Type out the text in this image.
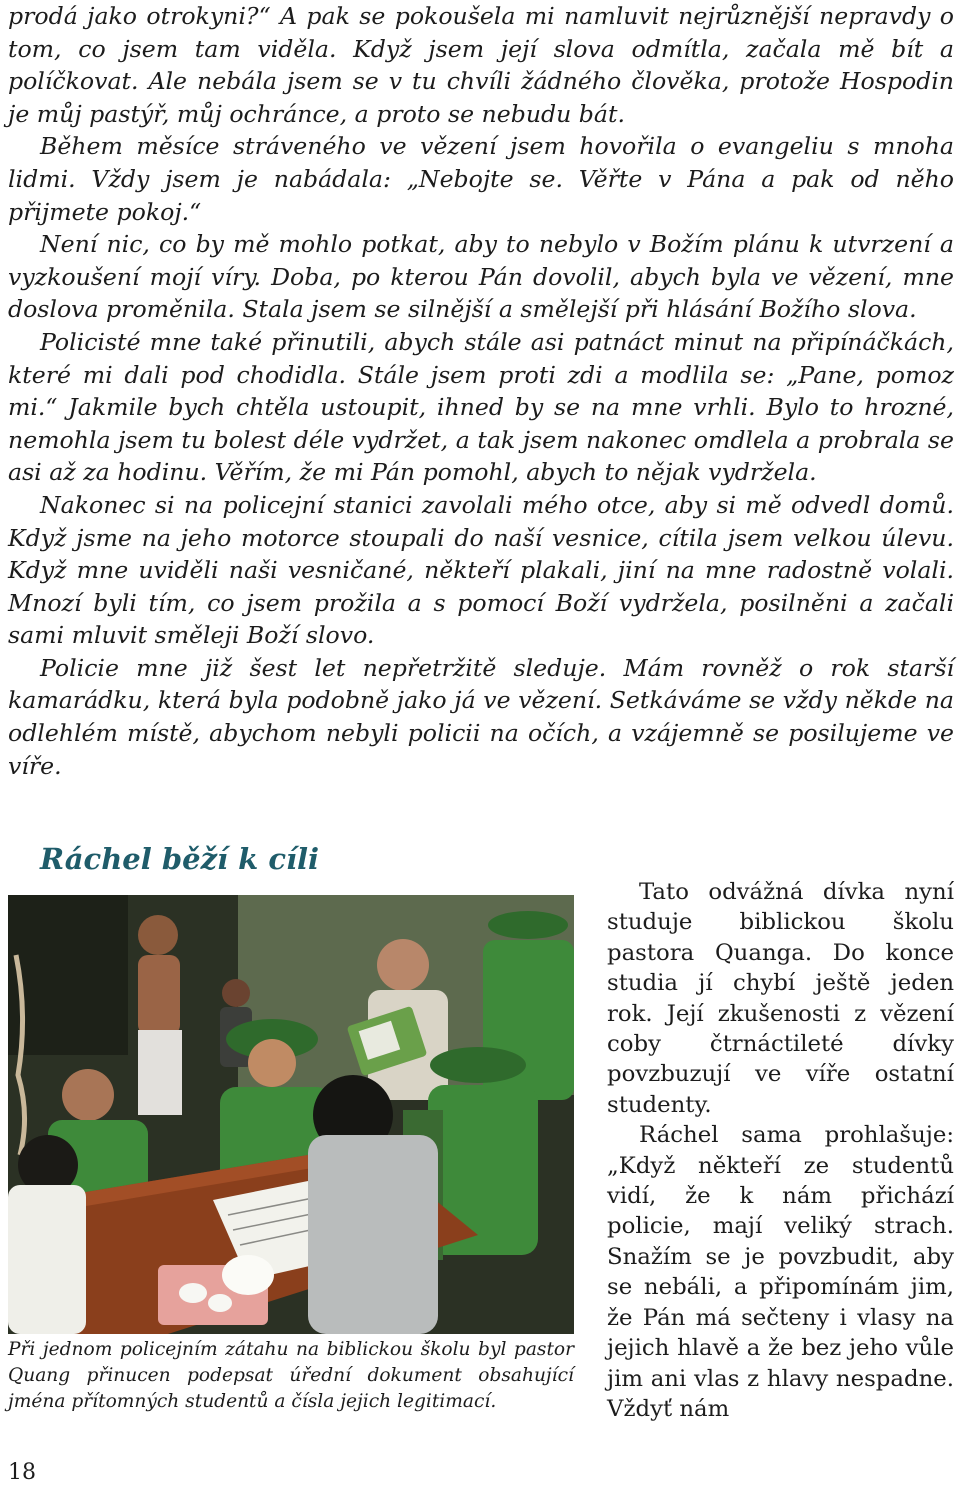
prodá jako otrokyni?“ A pak se pokoušela mi namluvit nejrůznější nepravdy o tom, co jsem tam viděla. Když jsem její slova odmítla, začala mě bít a políčkovat. Ale nebála jsem se v tu chvíli žádného člověka, protože Hospodin je můj pastýř, můj ochránce, a proto se nebudu bát.

Během měsíce stráveného ve vězení jsem hovořila o evangeliu s mnoha lidmi. Vždy jsem je nabádala: „Nebojte se. Věřte v Pána a pak od něho přijmete pokoj.“

Není nic, co by mě mohlo potkat, aby to nebylo v Božím plánu k utvrzení a vyzkoušení mojí víry. Doba, po kterou Pán dovolil, abych byla ve vězení, mne doslova proměnila. Stala jsem se silnější a smělejší při hlásání Božího slova.

Policisté mne také přinutili, abych stále asi patnáct minut na připínáčkách, které mi dali pod chodidla. Stále jsem proti zdi a modlila se: „Pane, pomoz mi.“ Jakmile bych chtěla ustoupit, ihned by se na mne vrhli. Bylo to hrozné, nemohla jsem tu bolest déle vydržet, a tak jsem nakonec omdlela a probrala se asi až za hodinu. Věřím, že mi Pán pomohl, abych to nějak vydržela.

Nakonec si na policejní stanici zavolali mého otce, aby si mě odvedl domů. Když jsme na jeho motorce stoupali do naší vesnice, cítila jsem velkou úlevu. Když mne uviděli naši vesničané, někteří plakali, jiní na mne radostně volali. Mnozí byli tím, co jsem prožila a s pomocí Boží vydržela, posilněni a začali sami mluvit směleji Boží slovo.

Policie mne již šest let nepřetržitě sleduje. Mám rovněž o rok starší kamarádku, která byla podobně jako já ve vězení. Setkáváme se vždy někde na odlehlém místě, abychom nebyli policii na očích, a vzájemně se posilujeme ve víře.

Ráchel běží k cíli

Při jednom policejním zátahu na biblickou školu byl pastor Quang přinucen podepsat úřední dokument obsahující jména přítomných studentů a čísla jejich legitimací.

Tato odvážná dívka nyní studuje biblickou školu pastora Quanga. Do konce studia jí chybí ještě jeden rok. Její zkušenosti z vězení coby čtrnáctileté dívky povzbuzují ve víře ostatní studenty.

Ráchel sama prohlašuje: „Když někteří ze studentů vidí, že k nám přichází policie, mají veliký strach. Snažím se je povzbudit, aby se nebáli, a připomínám jim, že Pán má sečteny i vlasy na jejich hlavě a že bez jeho vůle jim ani vlas z hlavy nespadne. Vždyť nám

18
